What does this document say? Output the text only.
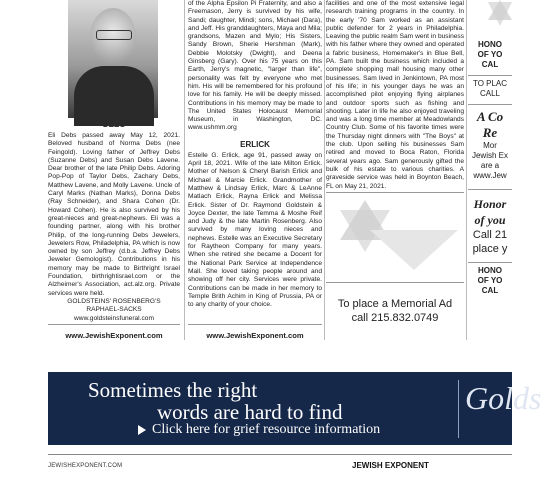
Eli Debs passed away May 12, 2021. Beloved husband of Norma Debs (nee Feingold). Loving father of Jeffrey Debs (Suzanne Debs) and Susan Debs Lavene. Dear brother of the late Philip Debs. Adoring Pop-Pop of Taylor Debs, Zachary Debs, Matthew Lavene, and Molly Lavene. Uncle of Caryl Marks (Nathan Marks), Donna Debs (Ray Schneider), and Shara Cohen (Dr. Howard Cohen). He is also survived by his great-nieces and great-nephews. Eli was a founding partner, along with his brother Philip, of the long-running Debs Jewelers, Jewelers Row, Philadelphia, PA which is now owned by son Jeffrey (d.b.a. Jeffrey Debs Jeweler Gemologist). Contributions in his memory may be made to Birthright Israel Foundation, birthrightisrael.com or the Alzheimer's Association, act.alz.org. Private services were held.

GOLDSTEINS' ROSENBERG'S RAPHAEL-SACKS

www.goldsteinsfuneral.com

www.JewishExponent.com

of the Alpha Epsilon Pi Fraternity, and also a Freemason, Jerry is survived by his wife, Sandi; daughter, Mindi; sons, Michael (Dara), and Jeff. His granddaughters, Maya and Mila; grandsons, Mazen and Mylo; His Sisters, Sandy Brown, Sherie Hershman (Mark), Debbie Molotsky (Dwight), and Deena Ginsberg (Gary). Over his 75 years on this Earth, Jerry's magnetic, "larger than life", personality was felt by everyone who met him. His will be remembered for his profound love for his family. He will be deeply missed. Contributions in his memory may be made to The United States Holocaust Memorial Museum, in Washington, DC. www.ushmm.org

ERLICK

Estelle G. Erlick, age 91, passed away on April 18, 2021. Wife of the late Milton Erlick. Mother of Nelson & Cheryl Barish Erlick and Michael & Marcie Erlick. Grandmother of Matthew & Lindsay Erlick, Marc & LeAnne Matlach Erlick, Rayna Erlick and Melissa Erlick. Sister of Dr. Raymond Goldstein & Joyce Dexter, the late Temma & Moshe Reif and Judy & the late Martin Rosenberg. Also survived by many loving nieces and nephews. Estelle was an Executive Secretary for Raytheon Company for many years. When she retired she became a Docent for the National Park Service at Independence Mall. She loved taking people around and showing off her city. Services were private. Contributions can be made in her memory to Temple Brith Achim in King of Prussia, PA or to any charity of your choice.

www.JewishExponent.com

facilities and one of the most extensive legal research training programs in the country. In the early '70 Sam worked as an assistant public defender for 2 years in Philadelphia. Leaving the public realm Sam went in business with his father where they owned and operated a fabric business, Homemaker's in Blue Bell, PA. Sam built the business which included a complete shopping mall housing many other businesses. Sam lived in Jenkintown, PA most of his life; in his younger days he was an accomplished pilot enjoying flying airplanes and outdoor sports such as fishing and shooting. Later in life he also enjoyed traveling and was a long time member at Meadowlands Country Club. Some of his favorite times were the Thursday night dinners with "The Boys" at the club. Upon selling his businesses Sam retired and moved to Boca Raton, Florida several years ago. Sam generously gifted the bulk of his estate to various charities. A graveside service was held in Boynton Beach, FL on May 21, 2021.

To place a Memorial Ad
call 215.832.0749

HONO

OF YO

CAL

TO PLAC

CALL

A Co

Re

Mor

Jewish Ex

are a

www.Jew

Honor

of you

Call 21

place y

HONO

OF YO

CAL

Sometimes the right
words are hard to find
Click here for grief resource information
Golds
JEWISHEXPONENT.COM	JEWISH EXPONENT
